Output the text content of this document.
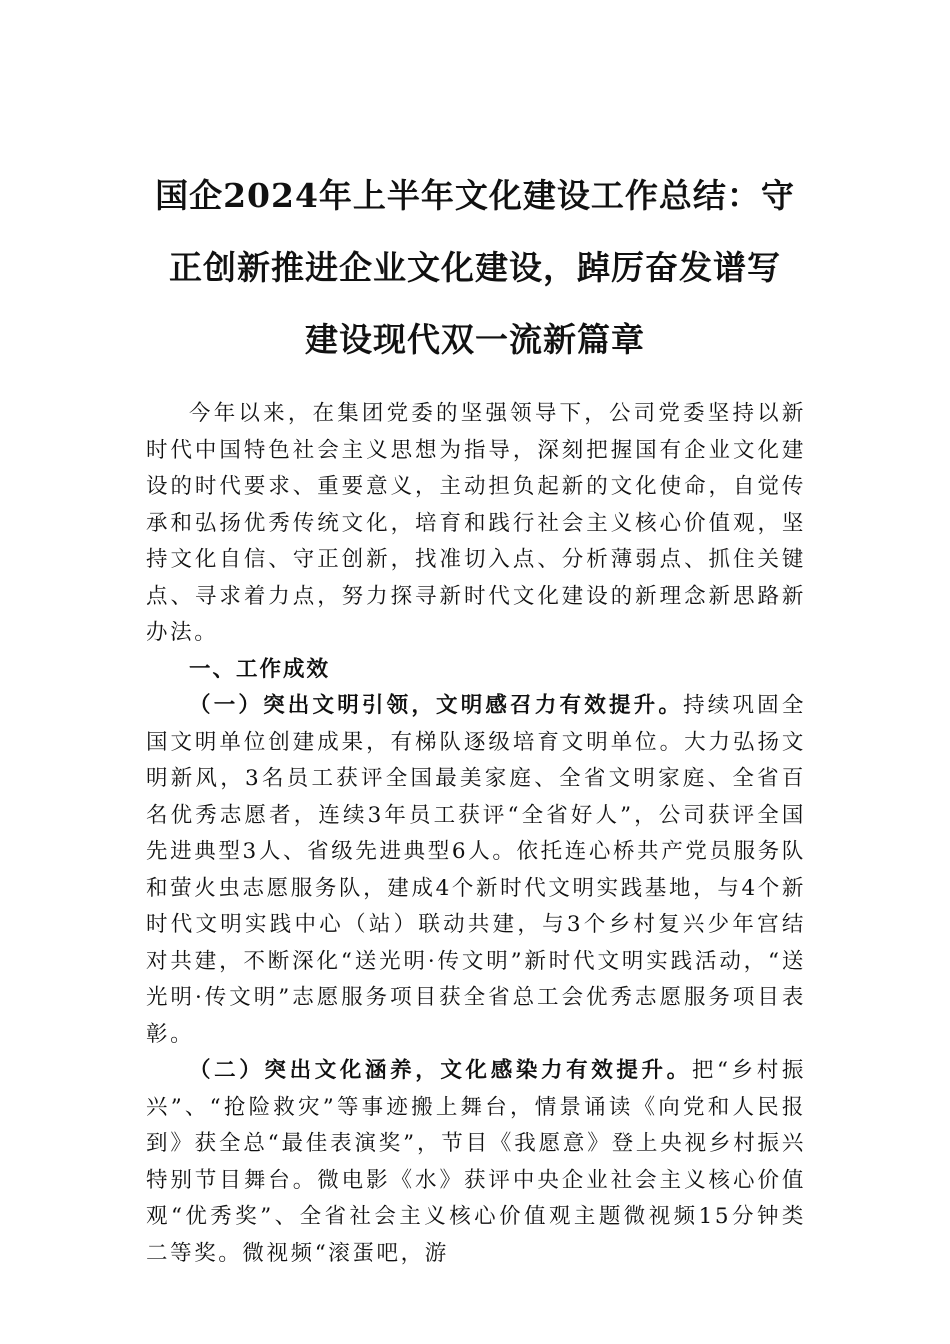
国企2024年上半年文化建设工作总结：守
正创新推进企业文化建设，踔厉奋发谱写
建设现代双一流新篇章

今年以来，在集团党委的坚强领导下，公司党委坚持以新时代中国特色社会主义思想为指导，深刻把握国有企业文化建设的时代要求、重要意义，主动担负起新的文化使命，自觉传承和弘扬优秀传统文化，培育和践行社会主义核心价值观，坚持文化自信、守正创新，找准切入点、分析薄弱点、抓住关键点、寻求着力点，努力探寻新时代文化建设的新理念新思路新办法。

一、工作成效

（一）突出文明引领，文明感召力有效提升。持续巩固全国文明单位创建成果，有梯队逐级培育文明单位。大力弘扬文明新风，3名员工获评全国最美家庭、全省文明家庭、全省百名优秀志愿者，连续3年员工获评“全省好人”，公司获评全国先进典型3人、省级先进典型6人。依托连心桥共产党员服务队和萤火虫志愿服务队，建成4个新时代文明实践基地，与4个新时代文明实践中心（站）联动共建，与3个乡村复兴少年宫结对共建，不断深化“送光明·传文明”新时代文明实践活动，“送光明·传文明”志愿服务项目获全省总工会优秀志愿服务项目表彰。

（二）突出文化涵养，文化感染力有效提升。把“乡村振兴”、“抢险救灾”等事迹搬上舞台，情景诵读《向党和人民报到》获全总“最佳表演奖”，节目《我愿意》登上央视乡村振兴特别节目舞台。微电影《水》获评中央企业社会主义核心价值观“优秀奖”、全省社会主义核心价值观主题微视频15分钟类二等奖。微视频“滚蛋吧，游
